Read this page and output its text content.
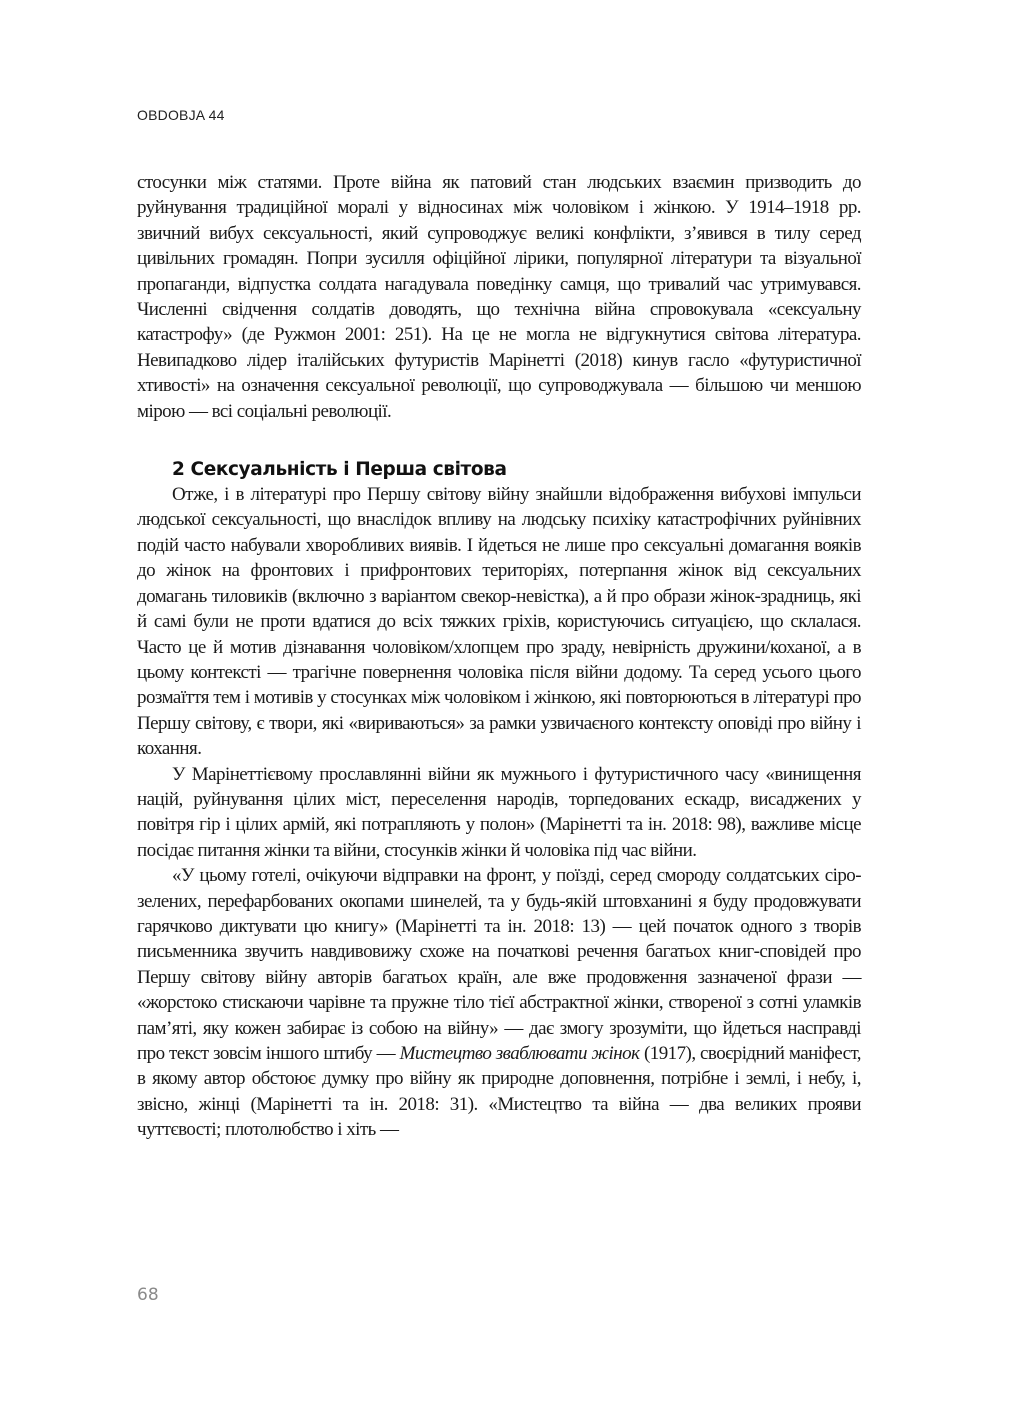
OBDOBJA 44

стосунки між статями. Проте війна як патовий стан людських взаємин призводить до руйнування традиційної моралі у відносинах між чоловіком і жінкою. У 1914–1918 рр. звичний вибух сексуальності, який супроводжує великі конфлікти, з’явився в тилу серед цивільних громадян. Попри зусилля офіційної лірики, популярної літератури та візуальної пропаганди, відпустка солдата нагадувала поведінку самця, що тривалий час утримувався. Численні свідчення солдатів доводять, що технічна війна спровокувала «сексуальну катастрофу» (де Ружмон 2001: 251). На це не могла не відгукнутися світова література. Невипадково лідер італійських футуристів Марінетті (2018) кинув гасло «футуристичної хтивості» на означення сексуальної революції, що супроводжувала — більшою чи меншою мірою — всі соціальні революції.

2 Сексуальність і Перша світова

Отже, і в літературі про Першу світову війну знайшли відображення вибухові імпульси людської сексуальності, що внаслідок впливу на людську психіку катастрофічних руйнівних подій часто набували хворобливих виявів. І йдеться не лише про сексуальні домагання вояків до жінок на фронтових і прифронтових територіях, потерпання жінок від сексуальних домагань тиловиків (включно з варіантом свекор-невістка), а й про образи жінок-зрадниць, які й самі були не проти вдатися до всіх тяжких гріхів, користуючись ситуацією, що склалася. Часто це й мотив дізнавання чоловіком/хлопцем про зраду, невірність дружини/коханої, а в цьому контексті — трагічне повернення чоловіка після війни додому. Та серед усього цього розмаїття тем і мотивів у стосунках між чоловіком і жінкою, які повторюються в літературі про Першу світову, є твори, які «вириваються» за рамки узвичаєного контексту оповіді про війну і кохання.

У Марінеттієвому прославлянні війни як мужнього і футуристичного часу «винищення націй, руйнування цілих міст, переселення народів, торпедованих ескадр, висаджених у повітря гір і цілих армій, які потрапляють у полон» (Марінетті та ін. 2018: 98), важливе місце посідає питання жінки та війни, стосунків жінки й чоловіка під час війни.

«У цьому готелі, очікуючи відправки на фронт, у поїзді, серед смороду солдатських сіро-зелених, перефарбованих окопами шинелей, та у будь-якій штовханині я буду продовжувати гарячково диктувати цю книгу» (Марінетті та ін. 2018: 13) — цей початок одного з творів письменника звучить навдивовижу схоже на початкові речення багатьох книг-сповідей про Першу світову війну авторів багатьох країн, але вже продовження зазначеної фрази — «жорстоко стискаючи чарівне та пружне тіло тієї абстрактної жінки, створеної з сотні уламків пам’яті, яку кожен забирає із собою на війну» — дає змогу зрозуміти, що йдеться насправді про текст зовсім іншого штибу — Мистецтво зваблювати жінок (1917), своєрідний маніфест, в якому автор обстоює думку про війну як природне доповнення, потрібне і землі, і небу, і, звісно, жінці (Марінетті та ін. 2018: 31). «Мистецтво та війна — два великих прояви чуттєвості; плотолюбство і хіть —

68
